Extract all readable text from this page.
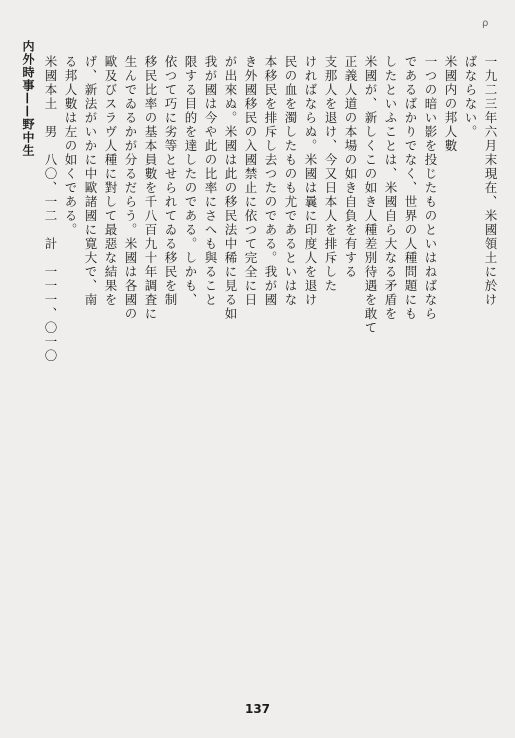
ρ
内外時事——野中生	一九二三年六月末現在、米國領土に於け

ばならない。

米國内の邦人數

一つの暗い影を投じたものといはねばなら

であるばかりでなく、世界の人種問題にも

したといふことは、米國自ら大なる矛盾を

米國が、新しくこの如き人種差別待遇を敢て

正義人道の本場の如き自負を有する

支那人を退け、今又日本人を排斥した

ければならぬ。米國は曩に印度人を退け

民の血を濁したものも尤であるといはな

本移民を排斥し去つたのである。我が國

き外國移民の入國禁止に依つて完全に日

が出來ぬ。米國は此の移民法中稀に見る如

我が國は今や此の比率にさへも與ること

限する目的を達したのである。しかも、

依つて巧に劣等とせられてゐる移民を制

移民比率の基本員數を千八百九十年調査に

生んでゐるかが分るだらう。米國は各國の

歐及びスラヴ人種に對して最惡な結果を

げ、新法がいかに中歐諸國に寛大で、南

る邦人數は左の如くである。

米國本土　男　八〇、一二　計　一一一、〇一〇

137
